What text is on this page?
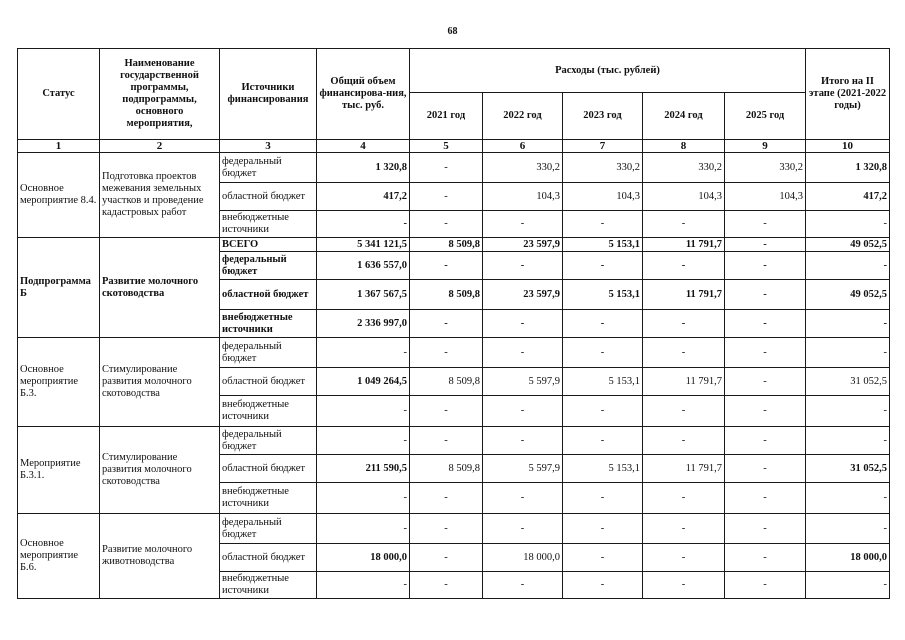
68
Статус	Наименование государственной программы, подпрограммы, основного мероприятия,	Источники финансирования	Общий объем финансирова-ния, тыс. руб.	Расходы (тыс. рублей)					Итого на II этапе (2021-2022 годы)
				2021 год	2022 год	2023 год	2024 год	2025 год	
1	2	3	4	5	6	7	8	9	10
Основное мероприятие 8.4.	Подготовка проектов межевания земельных участков и проведение кадастровых работ	федеральный бюджет	1 320,8	-	330,2	330,2	330,2	330,2	1 320,8
		областной бюджет	417,2	-	104,3	104,3	104,3	104,3	417,2
		внебюджетные источники	-	-	-	-	-	-	-
Подпрограмма Б	Развитие молочного скотоводства	ВСЕГО	5 341 121,5	8 509,8	23 597,9	5 153,1	11 791,7	-	49 052,5
		федеральный бюджет	1 636 557,0	-	-	-	-	-	-
		областной бюджет	1 367 567,5	8 509,8	23 597,9	5 153,1	11 791,7	-	49 052,5
		внебюджетные источники	2 336 997,0	-	-	-	-	-	-
Основное мероприятие Б.3.	Стимулирование развития молочного скотоводства	федеральный бюджет	-	-	-	-	-	-	-
		областной бюджет	1 049 264,5	8 509,8	5 597,9	5 153,1	11 791,7	-	31 052,5
		внебюджетные источники	-	-	-	-	-	-	-
Мероприятие Б.3.1.	Стимулирование развития молочного скотоводства	федеральный бюджет	-	-	-	-	-	-	-
		областной бюджет	211 590,5	8 509,8	5 597,9	5 153,1	11 791,7	-	31 052,5
		внебюджетные источники	-	-	-	-	-	-	-
Основное мероприятие Б.6.	Развитие молочного животноводства	федеральный бюджет	-	-	-	-	-	-	-
		областной бюджет	18 000,0	-	18 000,0	-	-	-	18 000,0
		внебюджетные источники	-	-	-	-	-	-	-
